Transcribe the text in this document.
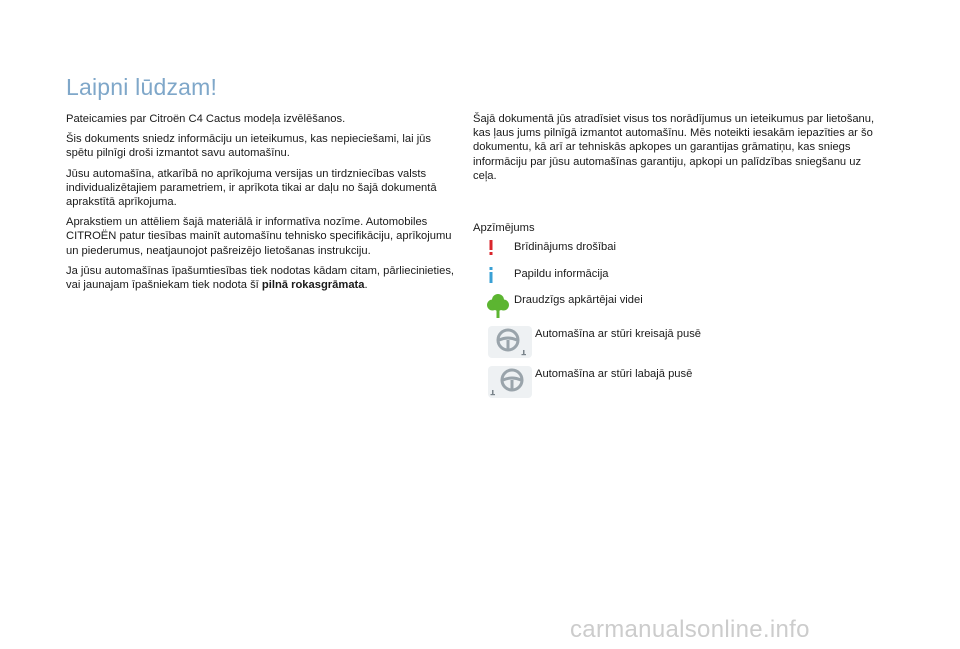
Laipni lūdzam!

Pateicamies par Citroën C4 Cactus modeļa izvēlēšanos.

Šis dokuments sniedz informāciju un ieteikumus, kas nepieciešami, lai jūs spētu pilnīgi droši izmantot savu automašīnu.

Jūsu automašīna, atkarībā no aprīkojuma versijas un tirdzniecības valsts individualizētajiem parametriem, ir aprīkota tikai ar daļu no šajā dokumentā aprakstītā aprīkojuma.

Aprakstiem un attēliem šajā materiālā ir informatīva nozīme. Automobiles CITROËN patur tiesības mainīt automašīnu tehnisko specifikāciju, aprīkojumu un piederumus, neatjaunojot pašreizējo lietošanas instrukciju.

Ja jūsu automašīnas īpašumtiesības tiek nodotas kādam citam, pārliecinieties, vai jaunajam īpašniekam tiek nodota šī pilnā rokasgrāmata.

Šajā dokumentā jūs atradīsiet visus tos norādījumus un ieteikumus par lietošanu, kas ļaus jums pilnīgā izmantot automašīnu. Mēs noteikti iesakām iepazīties ar šo dokumentu, kā arī ar tehniskās apkopes un garantijas grāmatiņu, kas sniegs informāciju par jūsu automašīnas garantiju, apkopi un palīdzības sniegšanu uz ceļa.

Apzīmējums
Brīdinājums drošībai
Papildu informācija
Draudzīgs apkārtējai videi
Automašīna ar stūri kreisajā pusē
Automašīna ar stūri labajā pusē
carmanualsonline.info
